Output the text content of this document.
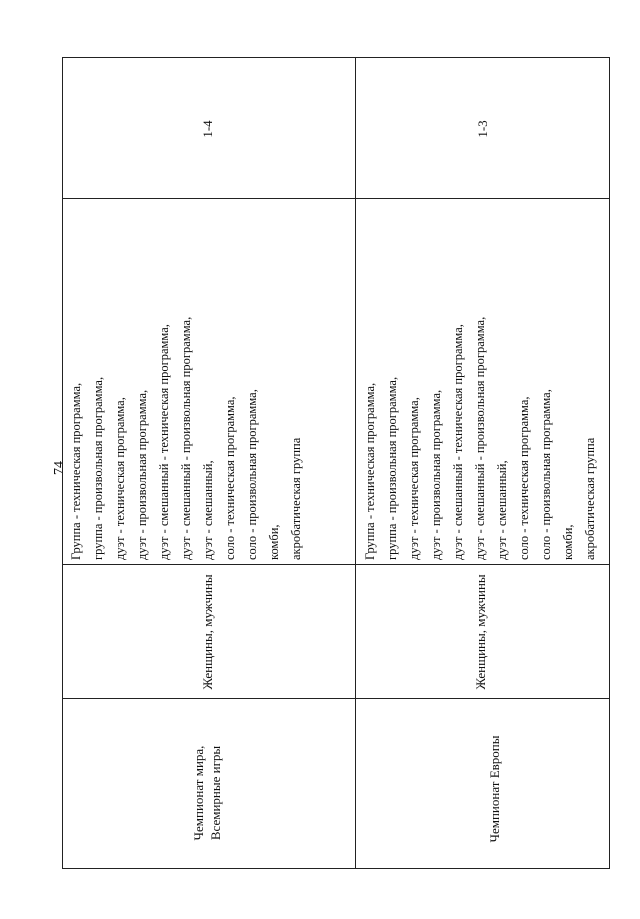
74
Чемпионат мира, Всемирные игры
Женщины, мужчины
Группа - техническая программа, группа - произвольная программа, дуэт - техническая программа, дуэт - произвольная программа, дуэт - смешанный - техническая программа, дуэт - смешанный - произвольная программа, дуэт - смешанный, соло - техническая программа, соло - произвольная программа, комби, акробатическая группа
1-4
Чемпионат Европы
Женщины, мужчины
Группа - техническая программа, группа - произвольная программа, дуэт - техническая программа, дуэт - произвольная программа, дуэт - смешанный - техническая программа, дуэт - смешанный - произвольная программа, дуэт - смешанный, соло - техническая программа, соло - произвольная программа, комби, акробатическая группа
1-3
